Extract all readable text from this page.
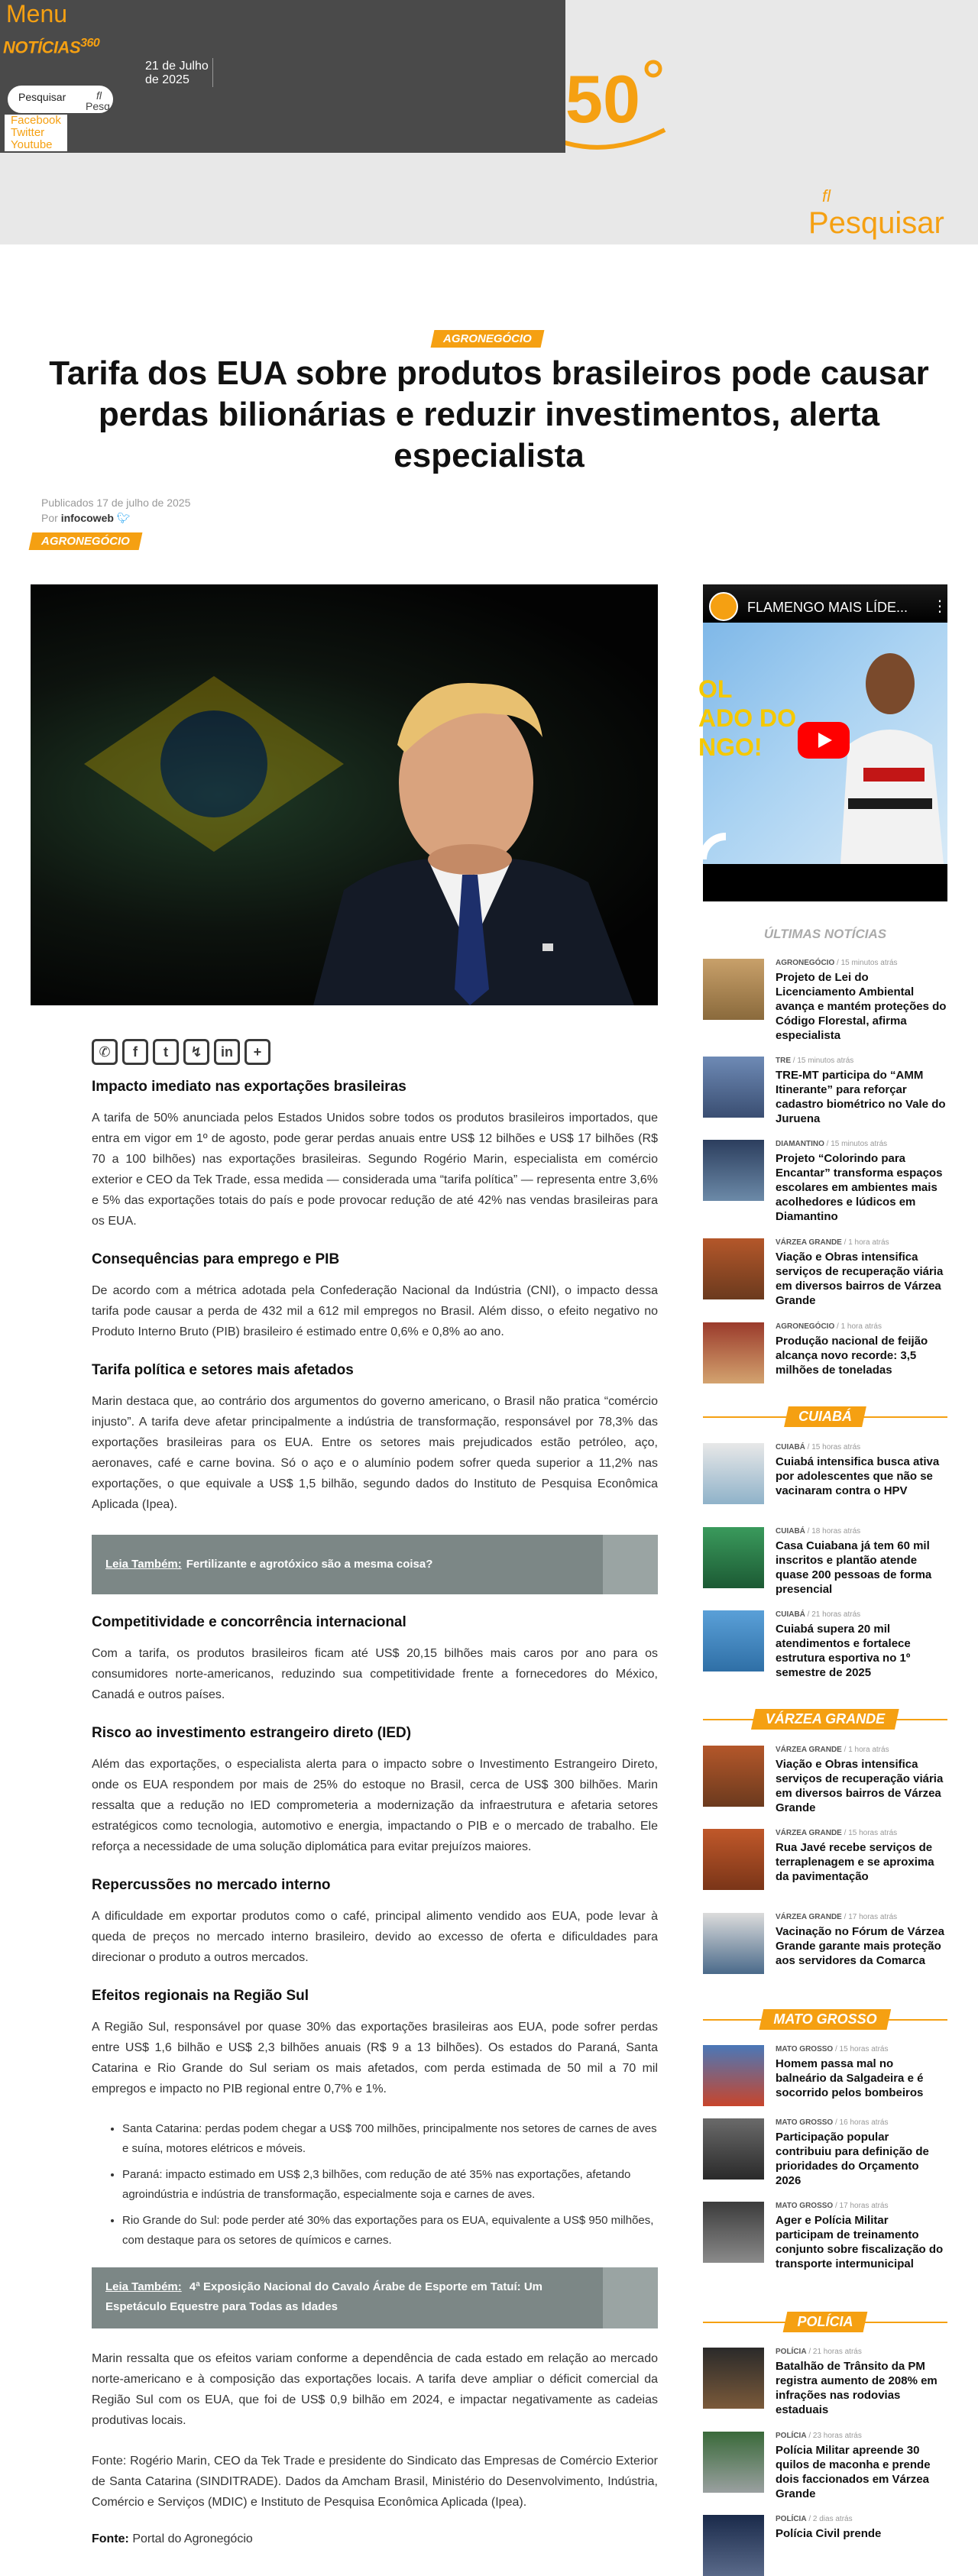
50
fl
Pesquisar
Menu
NOTÍCIAS$^{360}$
21 de Julho
de 2025
Pesquisar	fl
Pesq
Facebook
Twitter
Youtube
AGRONEGÓCIO
Tarifa dos EUA sobre produtos brasileiros pode causar perdas bilionárias e reduzir investimentos, alerta especialista
Publicados 17 de julho de 2025
Por infocoweb 🐦︎
AGRONEGÓCIO
✆	f	t	↯	in	+
Impacto imediato nas exportações brasileiras

A tarifa de 50% anunciada pelos Estados Unidos sobre todos os produtos brasileiros importados, que entra em vigor em 1º de agosto, pode gerar perdas anuais entre US$ 12 bilhões e US$ 17 bilhões (R$ 70 a 100 bilhões) nas exportações brasileiras. Segundo Rogério Marin, especialista em comércio exterior e CEO da Tek Trade, essa medida — considerada uma “tarifa política” — representa entre 3,6% e 5% das exportações totais do país e pode provocar redução de até 42% nas vendas brasileiras para os EUA.

Consequências para emprego e PIB

De acordo com a métrica adotada pela Confederação Nacional da Indústria (CNI), o impacto dessa tarifa pode causar a perda de 432 mil a 612 mil empregos no Brasil. Além disso, o efeito negativo no Produto Interno Bruto (PIB) brasileiro é estimado entre 0,6% e 0,8% ao ano.

Tarifa política e setores mais afetados

Marin destaca que, ao contrário dos argumentos do governo americano, o Brasil não pratica “comércio injusto”. A tarifa deve afetar principalmente a indústria de transformação, responsável por 78,3% das exportações brasileiras para os EUA. Entre os setores mais prejudicados estão petróleo, aço, aeronaves, café e carne bovina. Só o aço e o alumínio podem sofrer queda superior a 11,2% nas exportações, o que equivale a US$ 1,5 bilhão, segundo dados do Instituto de Pesquisa Econômica Aplicada (Ipea).

Leia Também: Fertilizante e agrotóxico são a mesma coisa?
Competitividade e concorrência internacional

Com a tarifa, os produtos brasileiros ficam até US$ 20,15 bilhões mais caros por ano para os consumidores norte-americanos, reduzindo sua competitividade frente a fornecedores do México, Canadá e outros países.

Risco ao investimento estrangeiro direto (IED)

Além das exportações, o especialista alerta para o impacto sobre o Investimento Estrangeiro Direto, onde os EUA respondem por mais de 25% do estoque no Brasil, cerca de US$ 300 bilhões. Marin ressalta que a redução no IED comprometeria a modernização da infraestrutura e afetaria setores estratégicos como tecnologia, automotivo e energia, impactando o PIB e o mercado de trabalho. Ele reforça a necessidade de uma solução diplomática para evitar prejuízos maiores.

Repercussões no mercado interno

A dificuldade em exportar produtos como o café, principal alimento vendido aos EUA, pode levar à queda de preços no mercado interno brasileiro, devido ao excesso de oferta e dificuldades para direcionar o produto a outros mercados.

Efeitos regionais na Região Sul

A Região Sul, responsável por quase 30% das exportações brasileiras aos EUA, pode sofrer perdas entre US$ 1,6 bilhão e US$ 2,3 bilhões anuais (R$ 9 a 13 bilhões). Os estados do Paraná, Santa Catarina e Rio Grande do Sul seriam os mais afetados, com perda estimada de 50 mil a 70 mil empregos e impacto no PIB regional entre 0,7% e 1%.

• Santa Catarina: perdas podem chegar a US$ 700 milhões, principalmente nos setores de carnes de aves e suína, motores elétricos e móveis.
• Paraná: impacto estimado em US$ 2,3 bilhões, com redução de até 35% nas exportações, afetando agroindústria e indústria de transformação, especialmente soja e carnes de aves.
• Rio Grande do Sul: pode perder até 30% das exportações para os EUA, equivalente a US$ 950 milhões, com destaque para os setores de químicos e carnes.
Leia Também: 4ª Exposição Nacional do Cavalo Árabe de Esporte em Tatuí: Um Espetáculo Equestre para Todas as Idades

Marin ressalta que os efeitos variam conforme a dependência de cada estado em relação ao mercado norte-americano e à composição das exportações locais. A tarifa deve ampliar o déficit comercial da Região Sul com os EUA, que foi de US$ 0,9 bilhão em 2024, e impactar negativamente as cadeias produtivas locais.

Fonte: Rogério Marin, CEO da Tek Trade e presidente do Sindicato das Empresas de Comércio Exterior de Santa Catarina (SINDITRADE). Dados da Amcham Brasil, Ministério do Desenvolvimento, Indústria, Comércio e Serviços (MDIC) e Instituto de Pesquisa Econômica Aplicada (Ipea).

Fonte: Portal do Agronegócio
OL
ADO DO
NGO!
FLAMENGO MAIS LÍDE... ⋮
ÚLTIMAS NOTÍCIAS
AGRONEGÓCIO / 15 minutos atrás
Projeto de Lei do Licenciamento Ambiental avança e mantém proteções do Código Florestal, afirma especialista
TRE / 15 minutos atrás
TRE-MT participa do “AMM Itinerante” para reforçar cadastro biométrico no Vale do Juruena
DIAMANTINO / 15 minutos atrás
Projeto “Colorindo para Encantar” transforma espaços escolares em ambientes mais acolhedores e lúdicos em Diamantino
VÁRZEA GRANDE / 1 hora atrás
Viação e Obras intensifica serviços de recuperação viária em diversos bairros de Várzea Grande
AGRONEGÓCIO / 1 hora atrás
Produção nacional de feijão alcança novo recorde: 3,5 milhões de toneladas
CUIABÁ
CUIABÁ / 15 horas atrás
Cuiabá intensifica busca ativa por adolescentes que não se vacinaram contra o HPV
CUIABÁ / 18 horas atrás
Casa Cuiabana já tem 60 mil inscritos e plantão atende quase 200 pessoas de forma presencial
CUIABÁ / 21 horas atrás
Cuiabá supera 20 mil atendimentos e fortalece estrutura esportiva no 1º semestre de 2025
VÁRZEA GRANDE
VÁRZEA GRANDE / 1 hora atrás
Viação e Obras intensifica serviços de recuperação viária em diversos bairros de Várzea Grande
VÁRZEA GRANDE / 15 horas atrás
Rua Javé recebe serviços de terraplenagem e se aproxima da pavimentação
VÁRZEA GRANDE / 17 horas atrás
Vacinação no Fórum de Várzea Grande garante mais proteção aos servidores da Comarca
MATO GROSSO
MATO GROSSO / 15 horas atrás
Homem passa mal no balneário da Salgadeira e é socorrido pelos bombeiros
MATO GROSSO / 16 horas atrás
Participação popular contribuiu para definição de prioridades do Orçamento 2026
MATO GROSSO / 17 horas atrás
Ager e Polícia Militar participam de treinamento conjunto sobre fiscalização do transporte intermunicipal
POLÍCIA
POLÍCIA / 21 horas atrás
Batalhão de Trânsito da PM registra aumento de 208% em infrações nas rodovias estaduais
POLÍCIA / 23 horas atrás
Polícia Militar apreende 30 quilos de maconha e prende dois faccionados em Várzea Grande
POLÍCIA / 2 dias atrás
Polícia Civil prende
